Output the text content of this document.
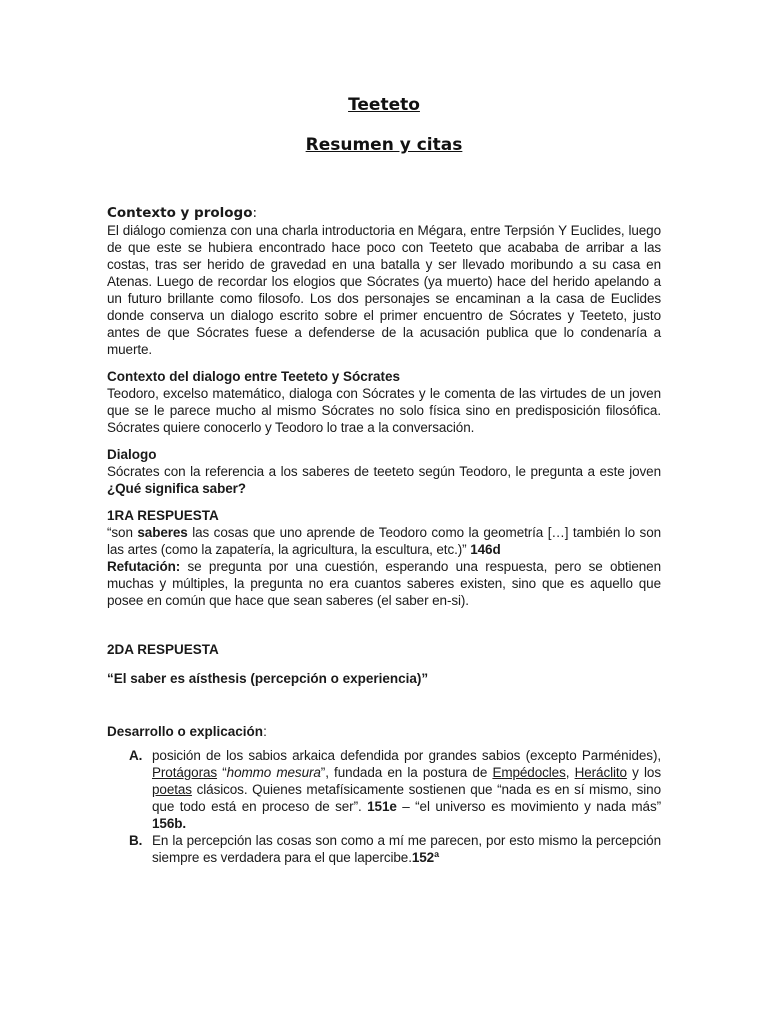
Teeteto
Resumen y citas
Contexto y prologo:

El diálogo comienza con una charla introductoria en Mégara, entre Terpsión Y Euclides, luego de que este se hubiera encontrado hace poco con Teeteto que acababa de arribar a las costas, tras ser herido de gravedad en una batalla y ser llevado moribundo a su casa en Atenas. Luego de recordar los elogios que Sócrates (ya muerto) hace del herido apelando a un futuro brillante como filosofo. Los dos personajes se encaminan a la casa de Euclides donde conserva un dialogo escrito sobre el primer encuentro de Sócrates y Teeteto, justo antes de que Sócrates fuese a defenderse de la acusación publica que lo condenaría a muerte.

Contexto del dialogo entre Teeteto y Sócrates

Teodoro, excelso matemático, dialoga con Sócrates y le comenta de las virtudes de un joven que se le parece mucho al mismo Sócrates no solo física sino en predisposición filosófica. Sócrates quiere conocerlo y Teodoro lo trae a la conversación.

Dialogo

Sócrates con la referencia a los saberes de teeteto según Teodoro, le pregunta a este joven ¿Qué significa saber?

1RA RESPUESTA

“son saberes las cosas que uno aprende de Teodoro como la geometría […] también lo son las artes (como la zapatería, la agricultura, la escultura, etc.)” 146d

Refutación: se pregunta por una cuestión, esperando una respuesta, pero se obtienen muchas y múltiples, la pregunta no era cuantos saberes existen, sino que es aquello que posee en común que hace que sean saberes (el saber en-si).

2DA RESPUESTA
“El saber es aísthesis (percepción o experiencia)”
Desarrollo o explicación:
A. posición de los sabios arkaica defendida por grandes sabios (excepto Parménides), Protágoras “hommo mesura”, fundada en la postura de Empédocles, Heráclito y los poetas clásicos. Quienes metafísicamente sostienen que “nada es en sí mismo, sino que todo está en proceso de ser”. 151e – “el universo es movimiento y nada más” 156b.
B. En la percepción las cosas son como a mí me parecen, por esto mismo la percepción siempre es verdadera para el que lapercibe.152ª
